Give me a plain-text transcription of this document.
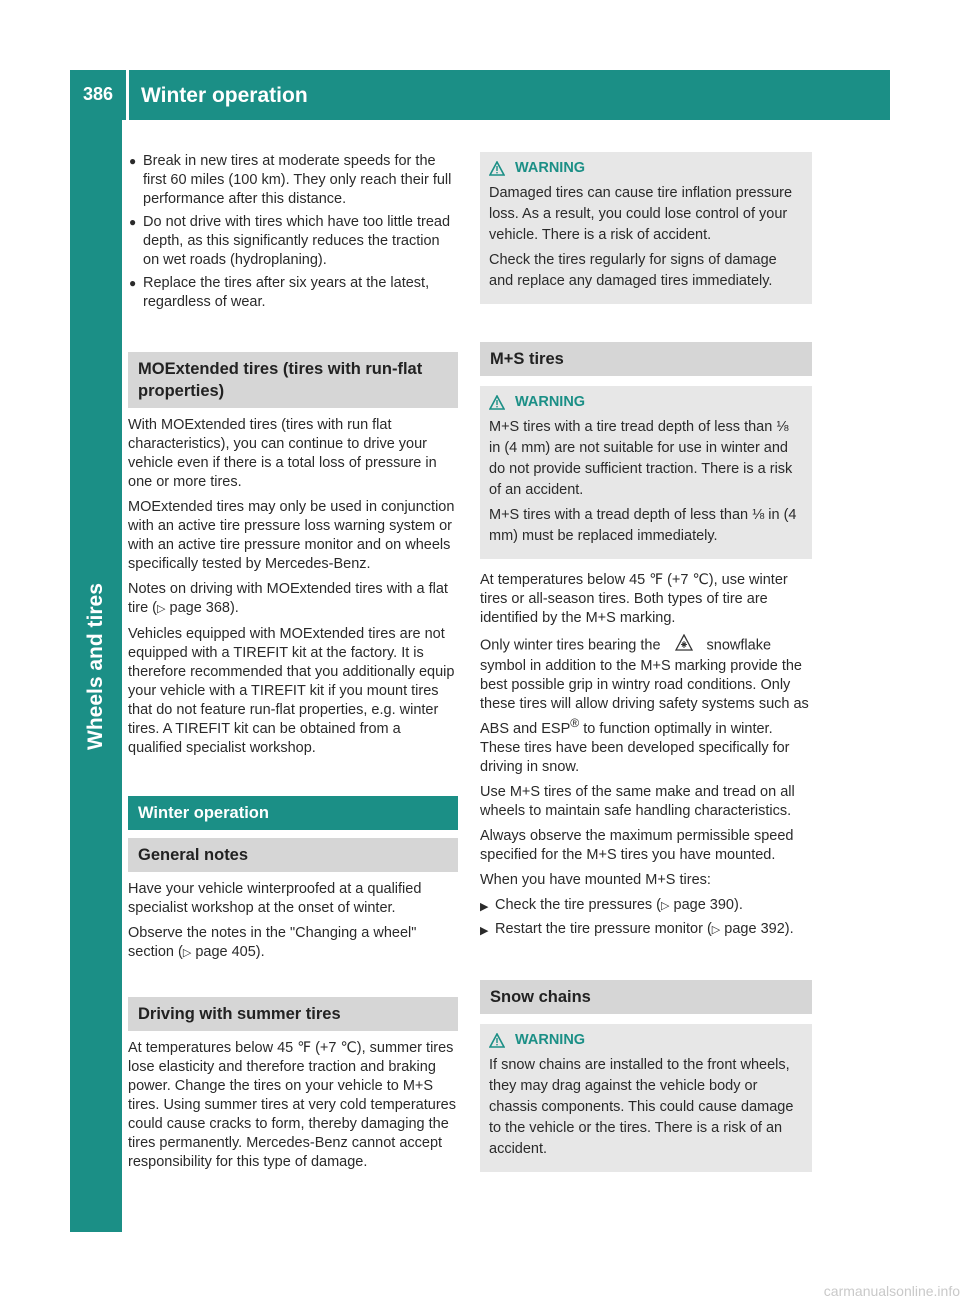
386	Winter operation
● Break in new tires at moderate speeds for the first 60 miles (100 km). They only reach their full performance after this distance.
● Do not drive with tires which have too little tread depth, as this significantly reduces the traction on wet roads (hydroplaning).
● Replace the tires after six years at the latest, regardless of wear.
MOExtended tires (tires with run-flat properties)

With MOExtended tires (tires with run flat characteristics), you can continue to drive your vehicle even if there is a total loss of pressure in one or more tires.

MOExtended tires may only be used in conjunction with an active tire pressure loss warning system or with an active tire pressure monitor and on wheels specifically tested by Mercedes-Benz.

Notes on driving with MOExtended tires with a flat tire (▷ page 368).

Vehicles equipped with MOExtended tires are not equipped with a TIREFIT kit at the factory. It is therefore recommended that you additionally equip your vehicle with a TIREFIT kit if you mount tires that do not feature run-flat properties, e.g. winter tires. A TIREFIT kit can be obtained from a qualified specialist workshop.

Winter operation
General notes

Have your vehicle winterproofed at a qualified specialist workshop at the onset of winter.

Observe the notes in the "Changing a wheel" section (▷ page 405).

Driving with summer tires

At temperatures below 45 ℉ (+7 ℃), summer tires lose elasticity and therefore traction and braking power. Change the tires on your vehicle to M+S tires. Using summer tires at very cold temperatures could cause cracks to form, thereby damaging the tires permanently. Mercedes-Benz cannot accept responsibility for this type of damage.

WARNING

Damaged tires can cause tire inflation pressure loss. As a result, you could lose control of your vehicle. There is a risk of accident.

Check the tires regularly for signs of damage and replace any damaged tires immediately.

M+S tires
WARNING

M+S tires with a tire tread depth of less than ⅛ in (4 mm) are not suitable for use in winter and do not provide sufficient traction. There is a risk of an accident.

M+S tires with a tread depth of less than ⅛ in (4 mm) must be replaced immediately.

At temperatures below 45 ℉ (+7 ℃), use winter tires or all-season tires. Both types of tire are identified by the M+S marking.

Only winter tires bearing the	snowflake symbol in addition to the M+S marking provide the best possible grip in wintry road conditions. Only these tires will allow driving safety systems such as ABS and ESP® to function optimally in winter. These tires have been developed specifically for driving in snow.

Use M+S tires of the same make and tread on all wheels to maintain safe handling characteristics.

Always observe the maximum permissible speed specified for the M+S tires you have mounted.

When you have mounted M+S tires:

▶ Check the tire pressures (▷ page 390).
▶ Restart the tire pressure monitor (▷ page 392).
Snow chains
WARNING

If snow chains are installed to the front wheels, they may drag against the vehicle body or chassis components. This could cause damage to the vehicle or the tires. There is a risk of an accident.

carmanualsonline.info
